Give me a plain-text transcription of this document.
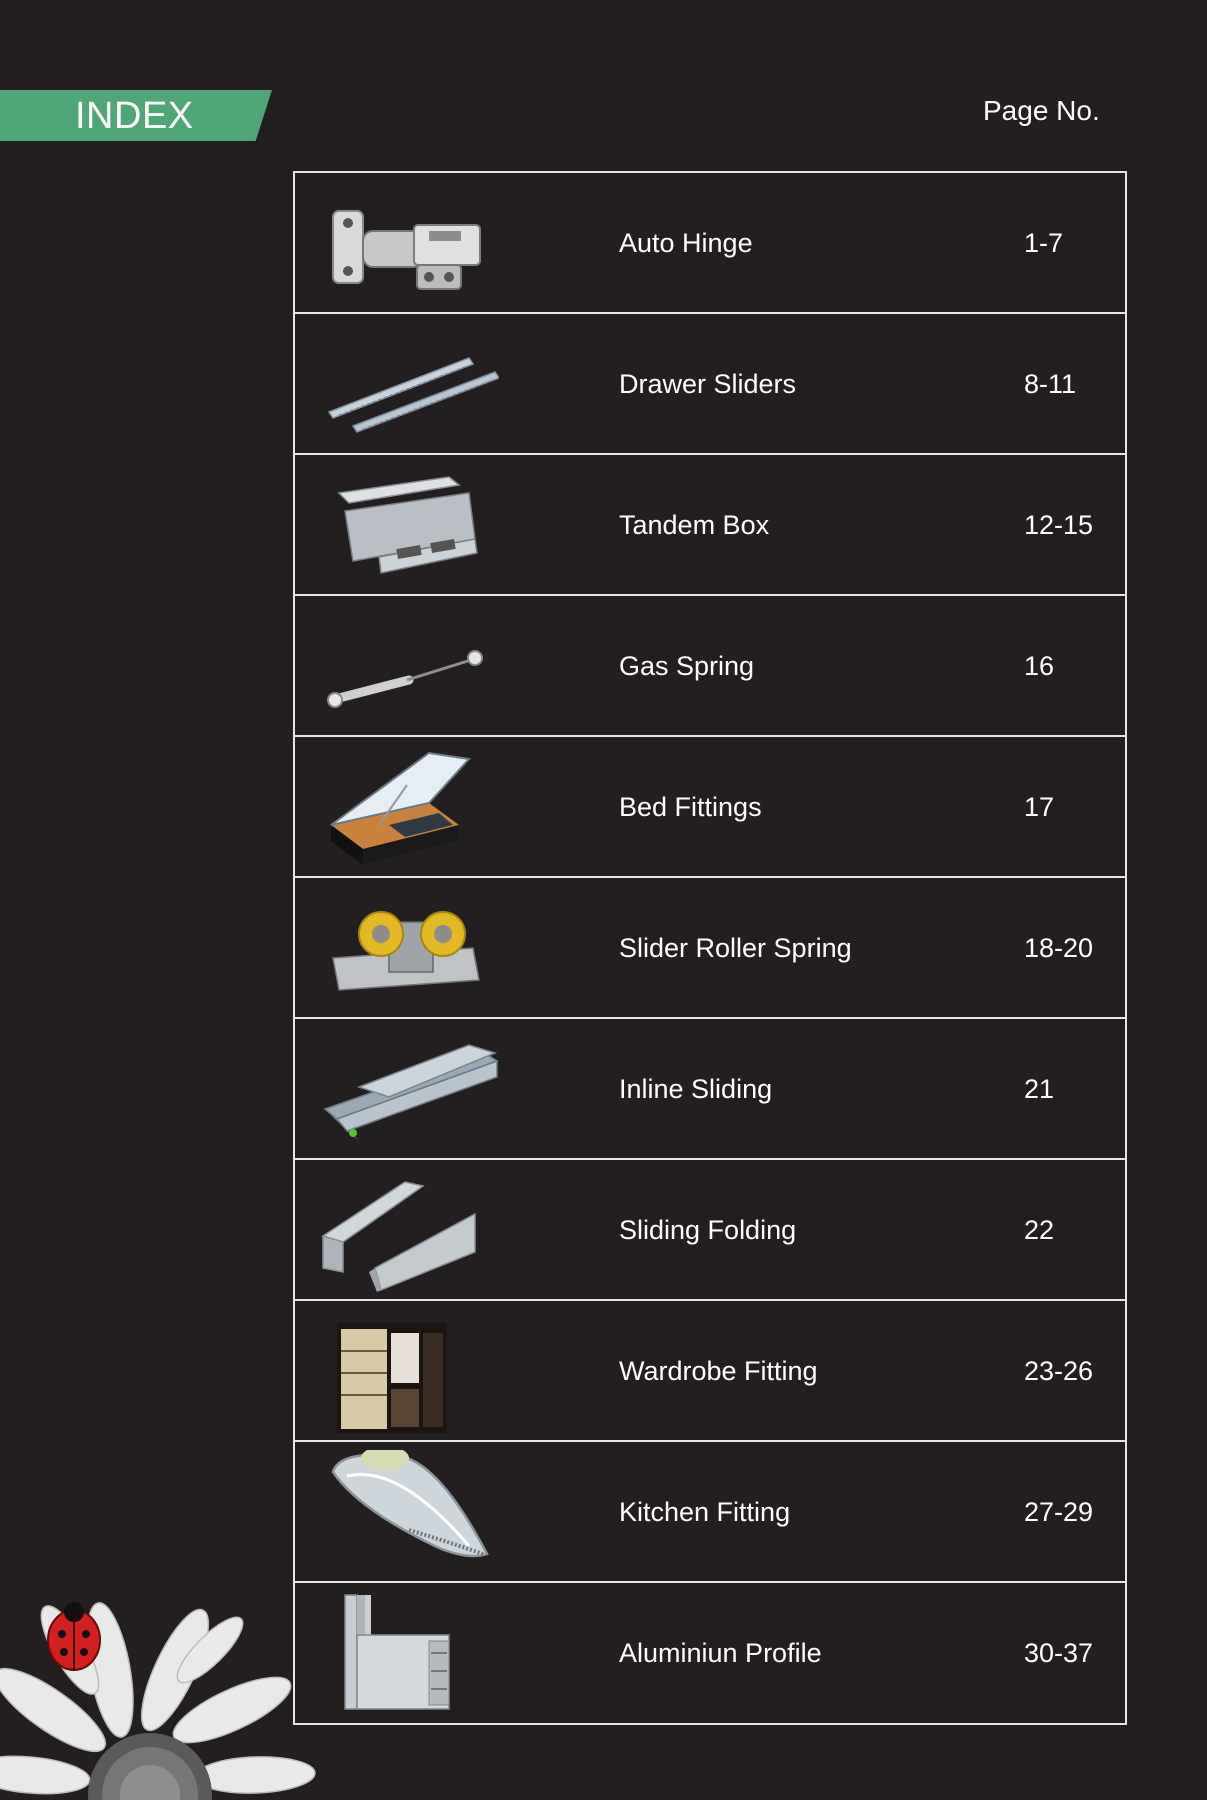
INDEX	Page No.
Auto Hinge	1-7
Drawer Sliders	8-11
Tandem Box	12-15
Gas Spring	16
Bed Fittings	17
Slider Roller Spring	18-20
Inline Sliding	21
Sliding Folding	22
Wardrobe Fitting	23-26
Kitchen Fitting	27-29
Aluminiun Profile	30-37
